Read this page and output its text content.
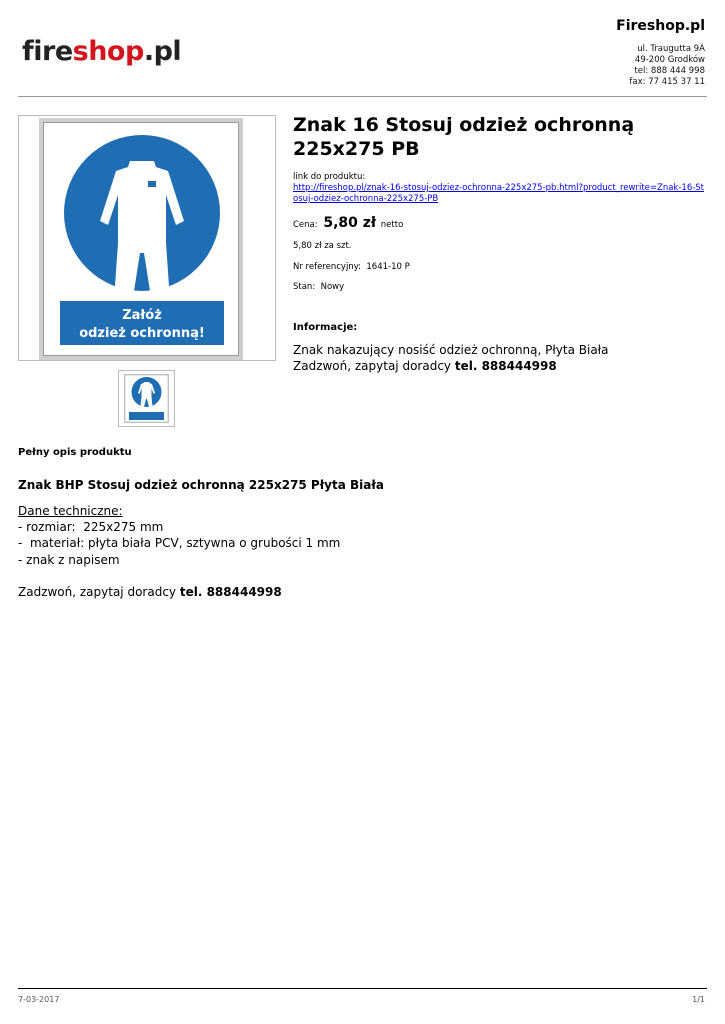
fireshop.pl
Fireshop.pl
ul. Traugutta 9A
49-200 Grodków
tel: 888 444 998
fax: 77 415 37 11
Załóż
odzież ochronną!
Znak 16 Stosuj odzież ochronną 225x275 PB
link do produktu:
http://fireshop.pl/znak-16-stosuj-odziez-ochronna-225x275-pb.html?product_rewrite=Znak-16-Stosuj-odziez-ochronna-225x275-PB
Cena: 5,80 zł netto
5,80 zł za szt.
Nr referencyjny: 1641-10 P
Stan: Nowy
Informacje:
Znak nakazujący nosiść odzież ochronną, Płyta Biała
Zadzwoń, zapytaj doradcy tel. 888444998
Pełny opis produktu
Znak BHP Stosuj odzież ochronną 225x275 Płyta Biała
Dane techniczne:
- rozmiar:  225x275 mm
-  materiał: płyta biała PCV, sztywna o grubości 1 mm
- znak z napisem
Zadzwoń, zapytaj doradcy tel. 888444998
7-03-2017	1/1
